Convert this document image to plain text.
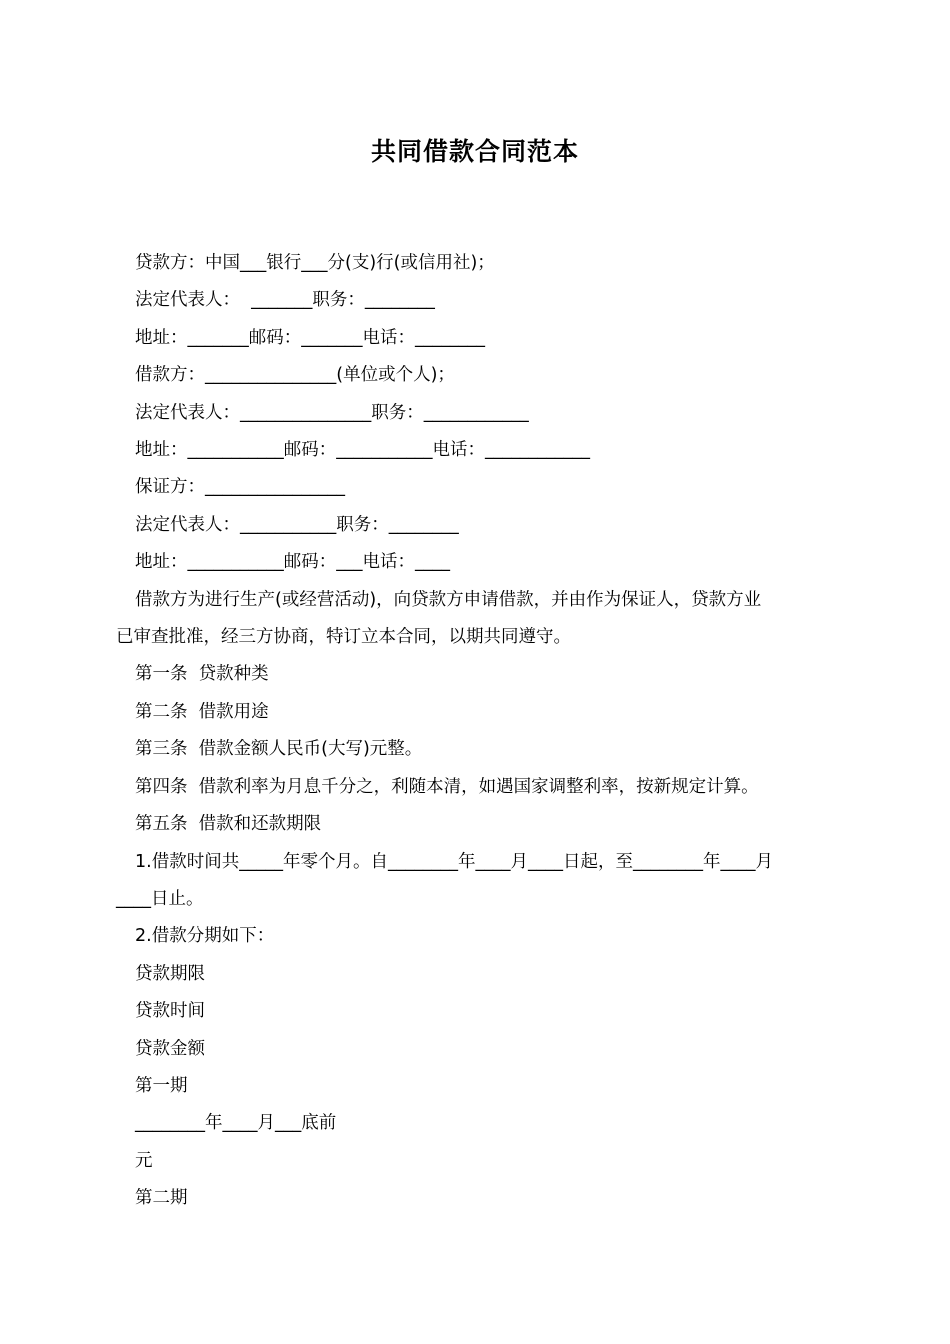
共同借款合同范本
贷款方：中国___银行___分(支)行(或信用社)；
法定代表人：  _______职务：________
地址：_______邮码：_______电话：________
借款方：_______________(单位或个人)；
法定代表人：_______________职务：____________
地址：___________邮码：___________电话：____________
保证方：________________
法定代表人：___________职务：________
地址：___________邮码：___电话：____
借款方为进行生产(或经营活动)，向贷款方申请借款，并由作为保证人，贷款方业
已审查批准，经三方协商，特订立本合同，以期共同遵守。
第一条  贷款种类
第二条  借款用途
第三条  借款金额人民币(大写)元整。
第四条  借款利率为月息千分之，利随本清，如遇国家调整利率，按新规定计算。
第五条  借款和还款期限
1.借款时间共_____年零个月。自________年____月____日起，至________年____月
____日止。
2.借款分期如下：
贷款期限
贷款时间
贷款金额
第一期
________年____月___底前
元
第二期
